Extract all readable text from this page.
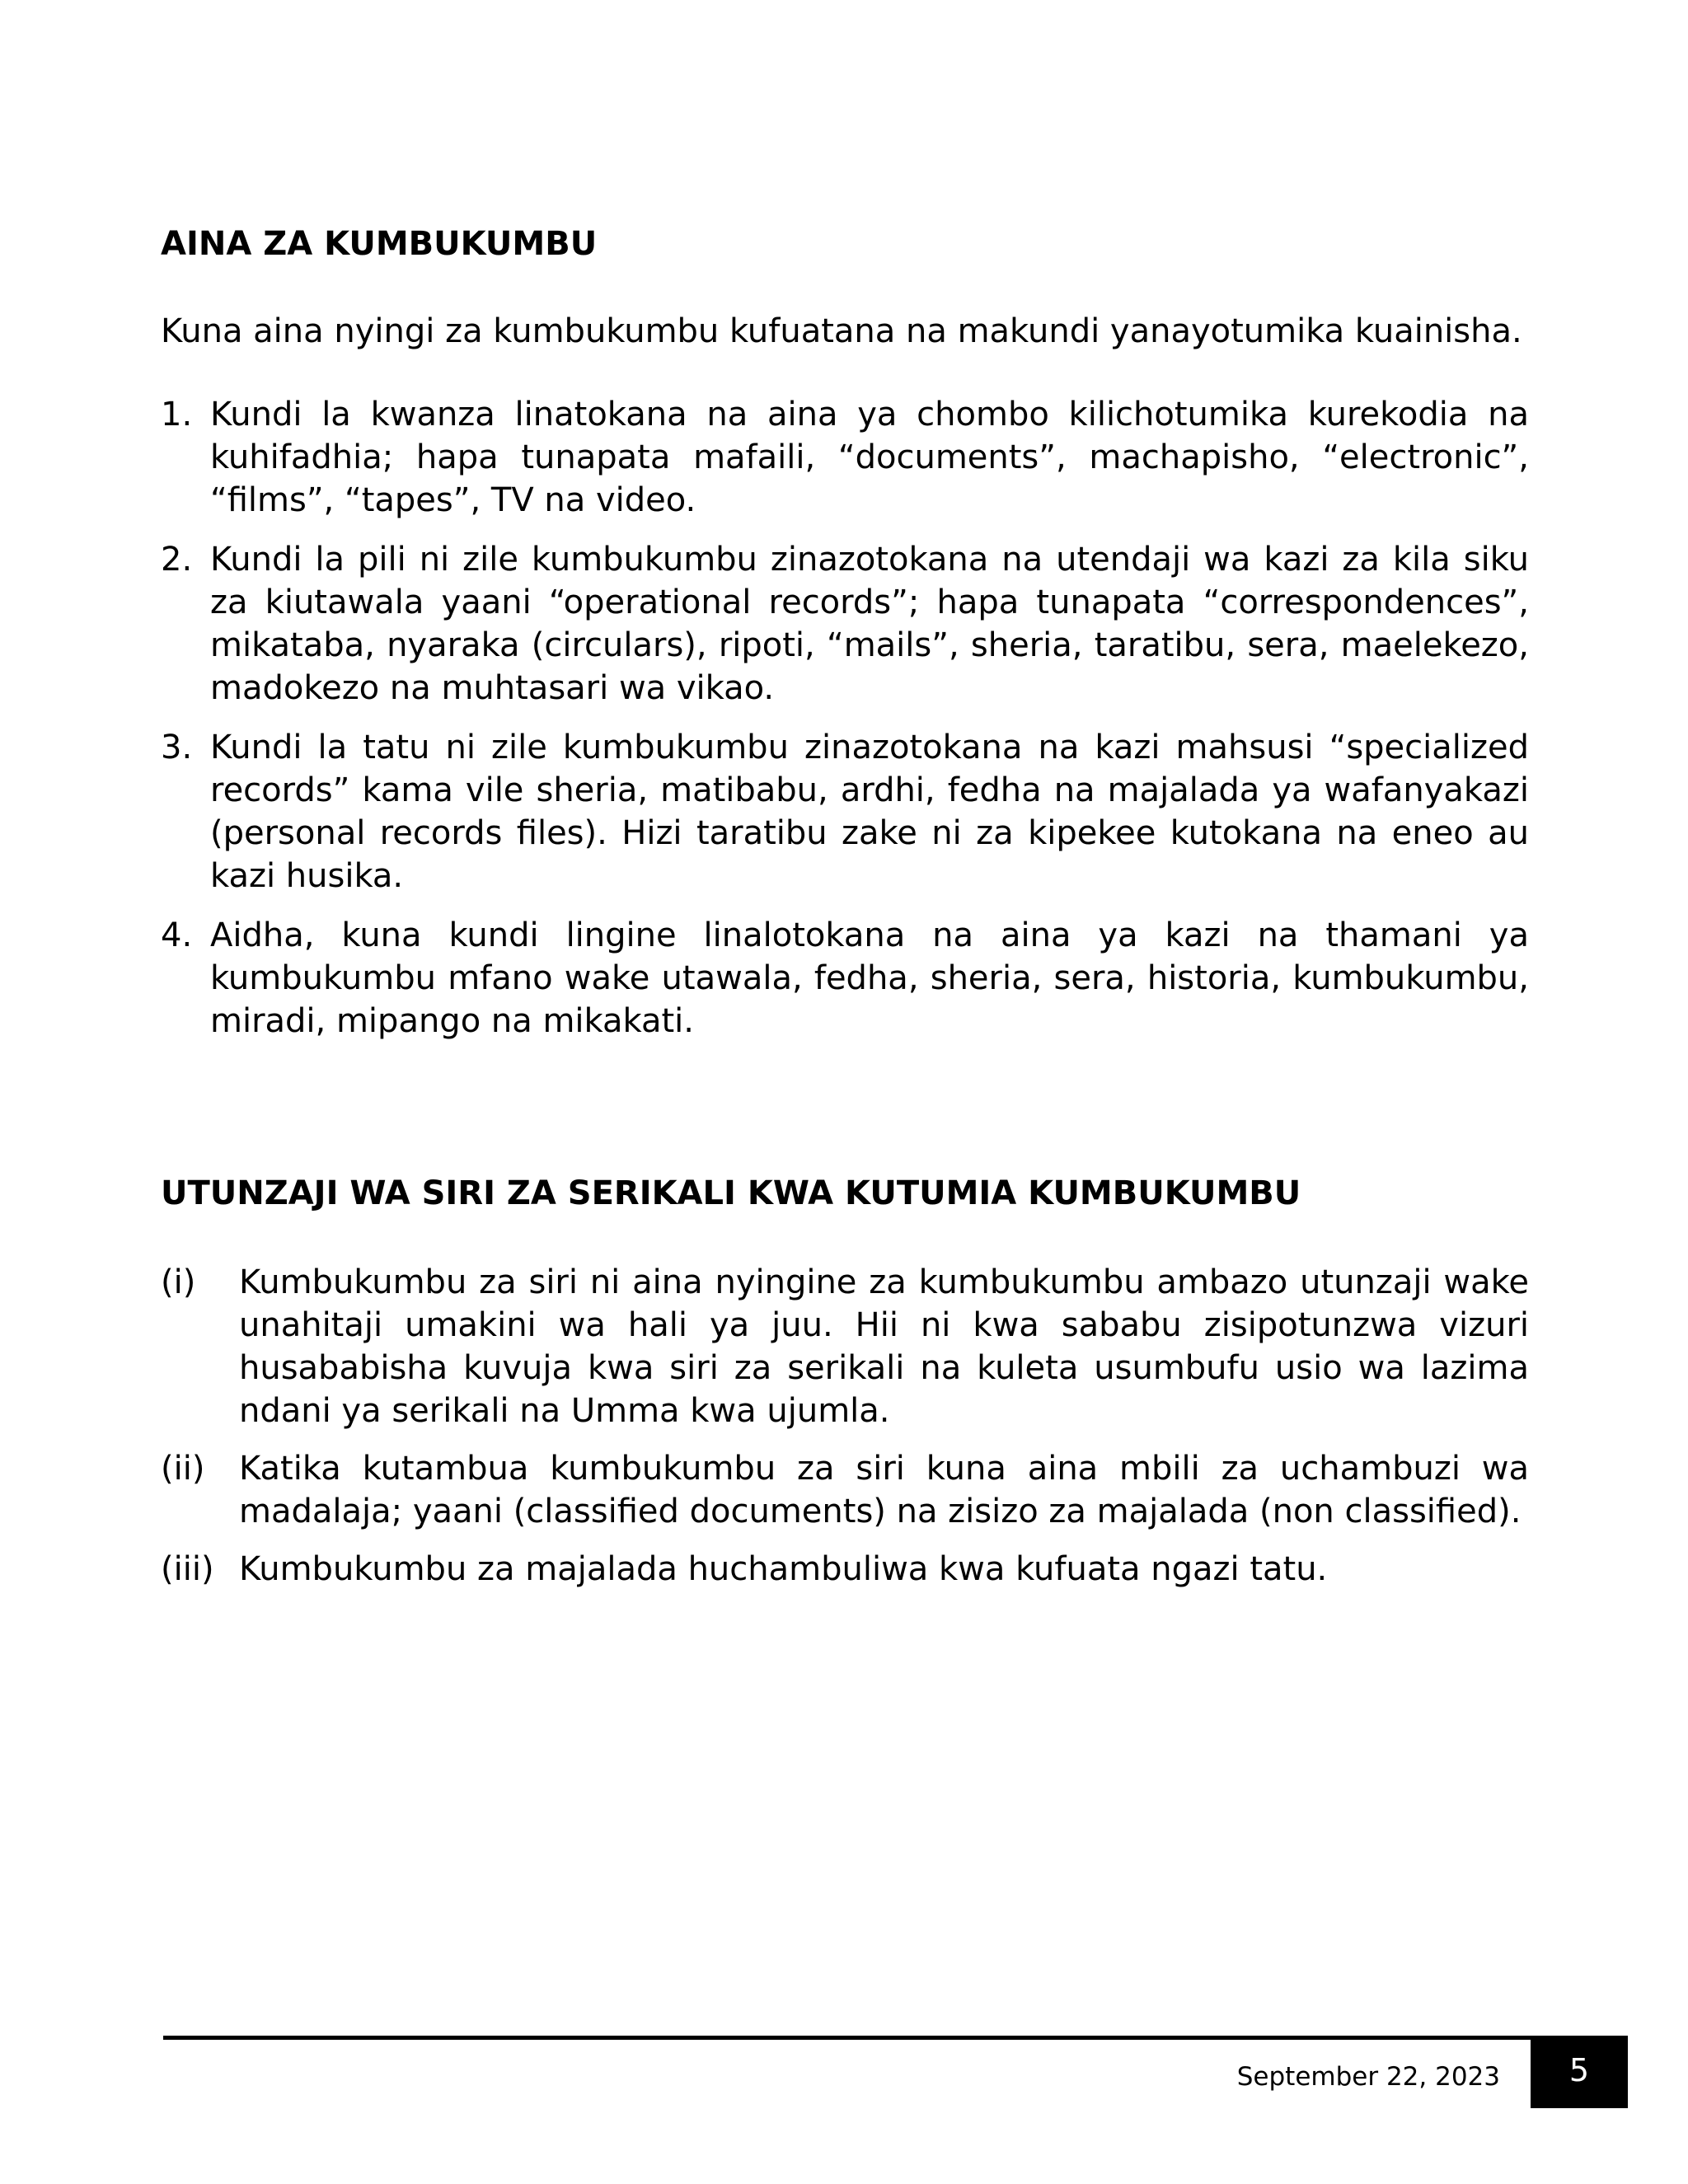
AINA ZA KUMBUKUMBU

Kuna aina nyingi za kumbukumbu kufuatana na makundi yanayotumika kuainisha.

1. Kundi la kwanza linatokana na aina ya chombo kilichotumika kurekodia na kuhifadhia; hapa tunapata mafaili, “documents”, machapisho, “electronic”, “films”, “tapes”, TV na video.
2. Kundi la pili ni zile kumbukumbu zinazotokana na utendaji wa kazi za kila siku za kiutawala yaani “operational records”; hapa tunapata “correspondences”, mikataba, nyaraka (circulars), ripoti, “mails”, sheria, taratibu, sera, maelekezo, madokezo na muhtasari wa vikao.
3. Kundi la tatu ni zile kumbukumbu zinazotokana na kazi mahsusi “specialized records” kama vile sheria, matibabu, ardhi, fedha na majalada ya wafanyakazi (personal records files). Hizi taratibu zake ni za kipekee kutokana na eneo au kazi husika.
4. Aidha, kuna kundi lingine linalotokana na aina ya kazi na thamani ya kumbukumbu mfano wake utawala, fedha, sheria, sera, historia, kumbukumbu, miradi, mipango na mikakati.
UTUNZAJI WA SIRI ZA SERIKALI KWA KUTUMIA KUMBUKUMBU
(i)	Kumbukumbu za siri ni aina nyingine za kumbukumbu ambazo utunzaji wake unahitaji umakini wa hali ya juu. Hii ni kwa sababu zisipotunzwa vizuri husababisha kuvuja kwa siri za serikali na kuleta usumbufu usio wa lazima ndani ya serikali na Umma kwa ujumla.
(ii)	Katika kutambua kumbukumbu za siri kuna aina mbili za uchambuzi wa madalaja; yaani (classified documents) na zisizo za majalada (non classified).
(iii) Kumbukumbu za majalada huchambuliwa kwa kufuata ngazi tatu.
September 22, 2023	5
